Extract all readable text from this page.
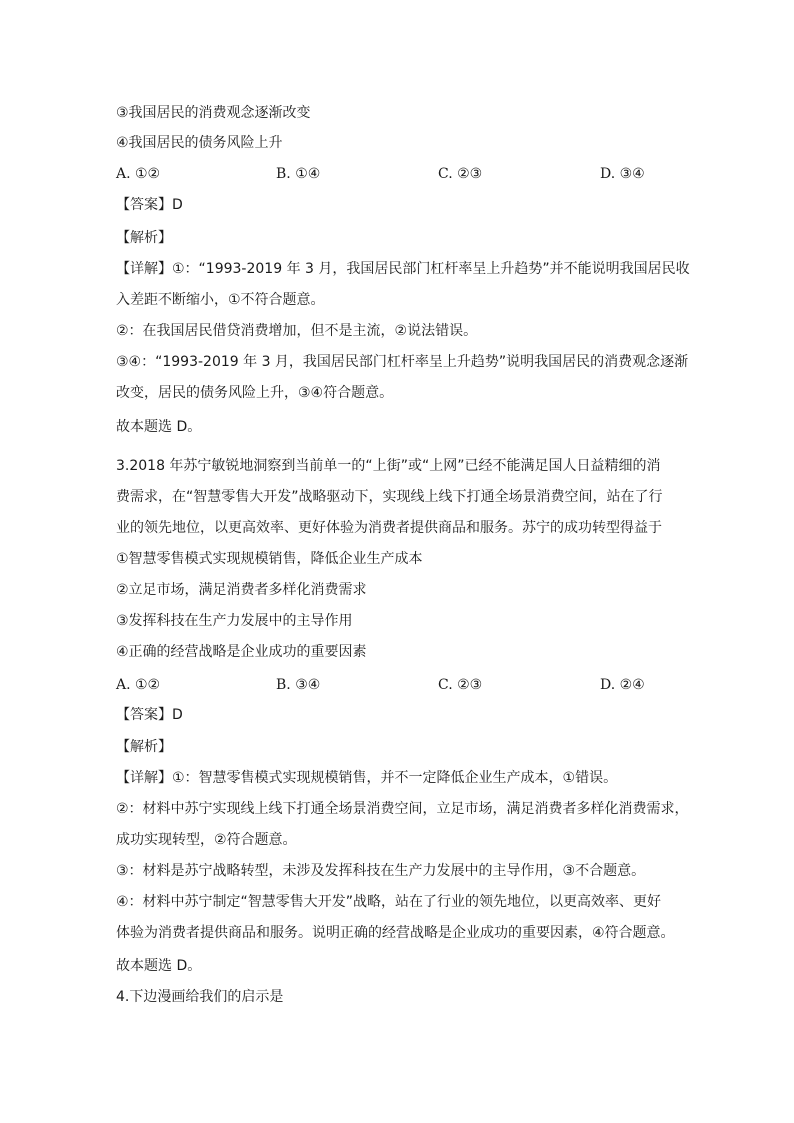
③我国居民的消费观念逐渐改变
④我国居民的债务风险上升
A. ①②	B. ①④	C. ②③	D. ③④
【答案】D
【解析】
【详解】①：“1993-2019 年 3 月，我国居民部门杠杆率呈上升趋势”并不能说明我国居民收
入差距不断缩小，①不符合题意。
②：在我国居民借贷消费增加，但不是主流，②说法错误。
③④：“1993-2019 年 3 月，我国居民部门杠杆率呈上升趋势”说明我国居民的消费观念逐渐
改变，居民的债务风险上升，③④符合题意。
故本题选 D。
3.2018 年苏宁敏锐地洞察到当前单一的“上街”或“上网”已经不能满足国人日益精细的消
费需求，在“智慧零售大开发”战略驱动下，实现线上线下打通全场景消费空间，站在了行
业的领先地位，以更高效率、更好体验为消费者提供商品和服务。苏宁的成功转型得益于
①智慧零售模式实现规模销售，降低企业生产成本
②立足市场，满足消费者多样化消费需求
③发挥科技在生产力发展中的主导作用
④正确的经营战略是企业成功的重要因素
A. ①②	B. ③④	C. ②③	D. ②④
【答案】D
【解析】
【详解】①：智慧零售模式实现规模销售，并不一定降低企业生产成本，①错误。
②：材料中苏宁实现线上线下打通全场景消费空间，立足市场，满足消费者多样化消费需求，
成功实现转型，②符合题意。
③：材料是苏宁战略转型，未涉及发挥科技在生产力发展中的主导作用，③不合题意。
④：材料中苏宁制定“智慧零售大开发”战略，站在了行业的领先地位，以更高效率、更好
体验为消费者提供商品和服务。说明正确的经营战略是企业成功的重要因素，④符合题意。
故本题选 D。
4.下边漫画给我们的启示是
